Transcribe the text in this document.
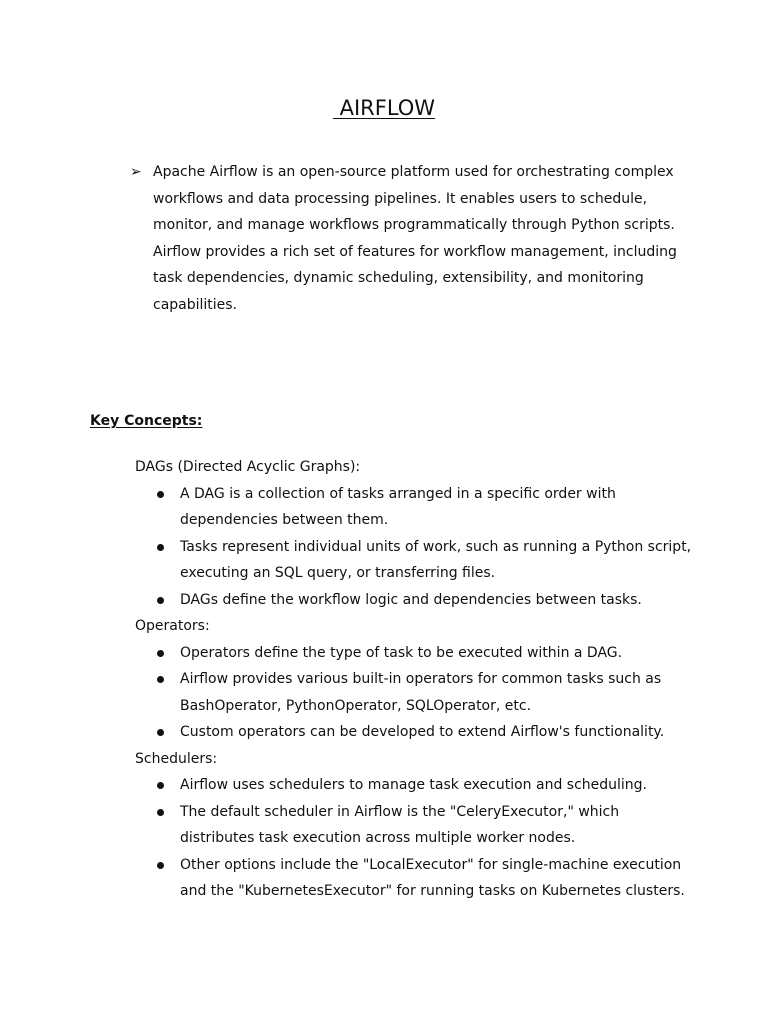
AIRFLOW
➢ Apache Airflow is an open-source platform used for orchestrating complex workflows and data processing pipelines. It enables users to schedule, monitor, and manage workflows programmatically through Python scripts. Airflow provides a rich set of features for workflow management, including task dependencies, dynamic scheduling, extensibility, and monitoring capabilities.
Key Concepts:

DAGs (Directed Acyclic Graphs):

A DAG is a collection of tasks arranged in a specific order with dependencies between them.
Tasks represent individual units of work, such as running a Python script, executing an SQL query, or transferring files.
DAGs define the workflow logic and dependencies between tasks.

Operators:

Operators define the type of task to be executed within a DAG.
Airflow provides various built-in operators for common tasks such as BashOperator, PythonOperator, SQLOperator, etc.
Custom operators can be developed to extend Airflow's functionality.

Schedulers:

Airflow uses schedulers to manage task execution and scheduling.
The default scheduler in Airflow is the "CeleryExecutor," which distributes task execution across multiple worker nodes.
Other options include the "LocalExecutor" for single-machine execution and the "KubernetesExecutor" for running tasks on Kubernetes clusters.
